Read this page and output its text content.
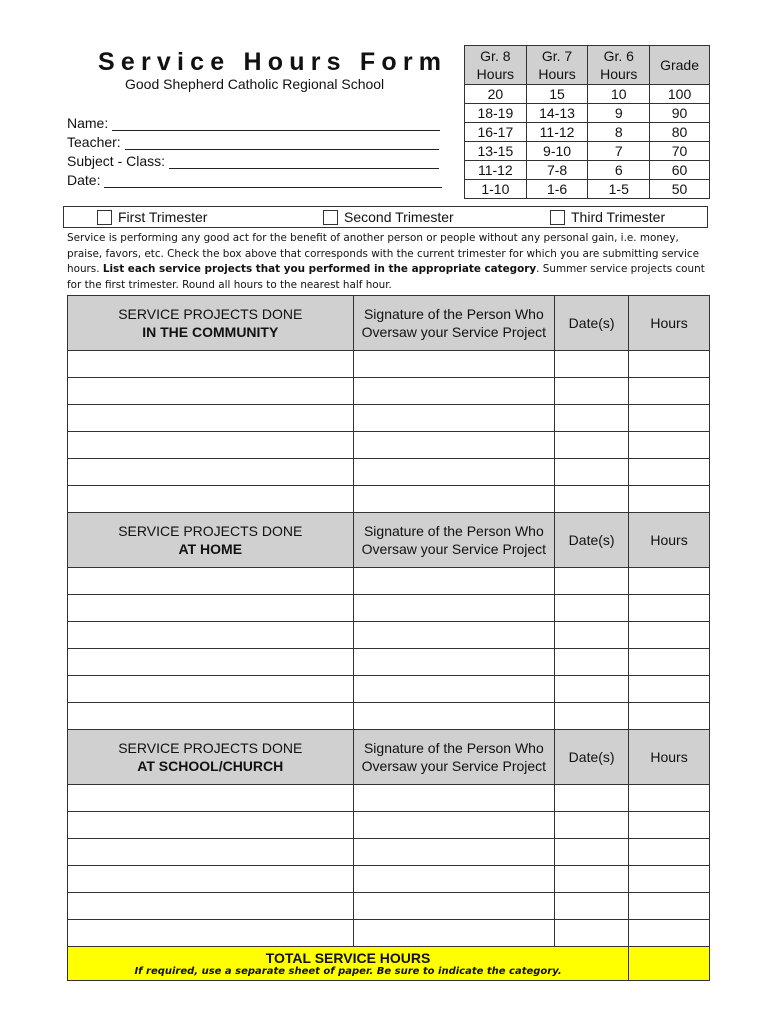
Service Hours Form
Good Shepherd Catholic Regional School
Name:
Teacher:
Subject - Class:
Date:
Gr. 8 Hours	Gr. 7 Hours	Gr. 6 Hours	Grade
20	15	10	100
18-19	14-13	9	90
16-17	11-12	8	80
13-15	9-10	7	70
11-12	7-8	6	60
1-10	1-6	1-5	50
First Trimester	Second Trimester	Third Trimester
Service is performing any good act for the benefit of another person or people without any personal gain, i.e. money, praise, favors, etc. Check the box above that corresponds with the current trimester for which you are submitting service hours. List each service projects that you performed in the appropriate category. Summer service projects count for the first trimester. Round all hours to the nearest half hour.
SERVICE PROJECTS DONE
IN THE COMMUNITY	Signature of the Person Who Oversaw your Service Project	Date(s)	Hours

SERVICE PROJECTS DONE
AT HOME	Signature of the Person Who Oversaw your Service Project	Date(s)	Hours

SERVICE PROJECTS DONE
AT SCHOOL/CHURCH	Signature of the Person Who Oversaw your Service Project	Date(s)	Hours

TOTAL SERVICE HOURS
If required, use a separate sheet of paper. Be sure to indicate the category.			
